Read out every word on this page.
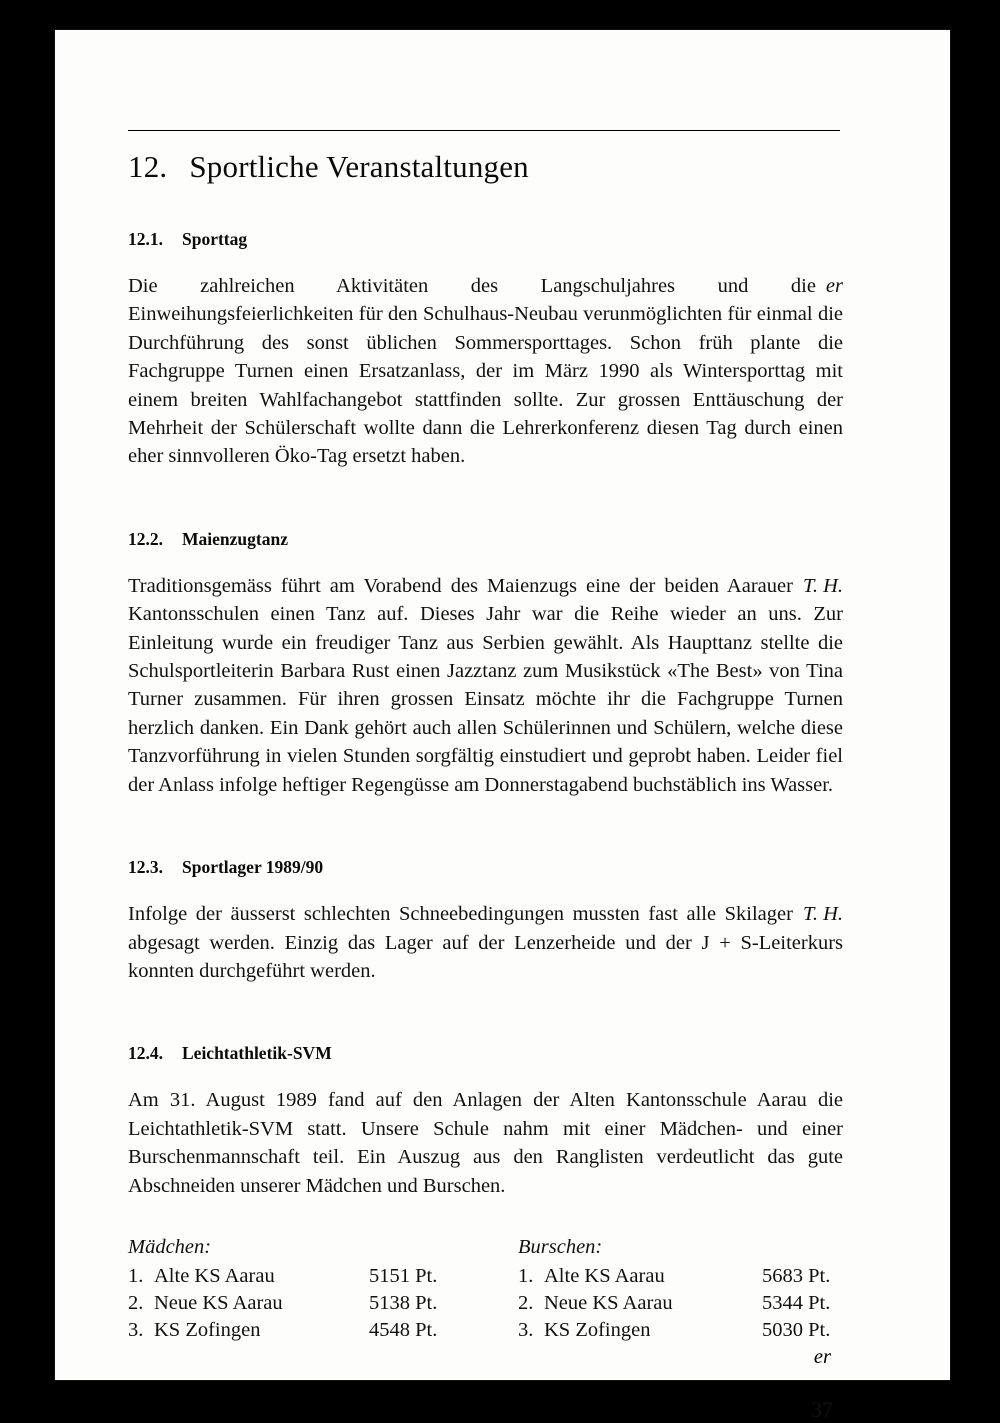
12. Sportliche Veranstaltungen
12.1. Sporttag

er
Die zahlreichen Aktivitäten des Langschuljahres und die Einweihungsfeierlichkeiten für den Schulhaus-Neubau verunmöglichten für einmal die Durchführung des sonst üblichen Sommersporttages. Schon früh plante die Fachgruppe Turnen einen Ersatzanlass, der im März 1990 als Wintersporttag mit einem breiten Wahlfachangebot stattfinden sollte. Zur grossen Enttäuschung der Mehrheit der Schülerschaft wollte dann die Lehrerkonferenz diesen Tag durch einen eher sinnvolleren Öko-Tag ersetzt haben.

12.2. Maienzugtanz

T. H.
Traditionsgemäss führt am Vorabend des Maienzugs eine der beiden Aarauer Kantonsschulen einen Tanz auf. Dieses Jahr war die Reihe wieder an uns. Zur Einleitung wurde ein freudiger Tanz aus Serbien gewählt. Als Haupttanz stellte die Schulsportleiterin Barbara Rust einen Jazztanz zum Musikstück «The Best» von Tina Turner zusammen. Für ihren grossen Einsatz möchte ihr die Fachgruppe Turnen herzlich danken. Ein Dank gehört auch allen Schülerinnen und Schülern, welche diese Tanzvorführung in vielen Stunden sorgfältig einstudiert und geprobt haben. Leider fiel der Anlass infolge heftiger Regengüsse am Donnerstagabend buchstäblich ins Wasser.

12.3. Sportlager 1989/90

T. H.
Infolge der äusserst schlechten Schneebedingungen mussten fast alle Skilager abgesagt werden. Einzig das Lager auf der Lenzerheide und der J + S-Leiterkurs konnten durchgeführt werden.

12.4. Leichtathletik-SVM

Am 31. August 1989 fand auf den Anlagen der Alten Kantonsschule Aarau die Leichtathletik-SVM statt. Unsere Schule nahm mit einer Mädchen- und einer Burschenmannschaft teil. Ein Auszug aus den Ranglisten verdeutlicht das gute Abschneiden unserer Mädchen und Burschen.

Mädchen:
1. Alte KS Aarau	5151 Pt.
2. Neue KS Aarau	5138 Pt.
3. KS Zofingen	4548 Pt.
Burschen:
1. Alte KS Aarau	5683 Pt.
2. Neue KS Aarau	5344 Pt.
3. KS Zofingen	5030 Pt.
er
37
